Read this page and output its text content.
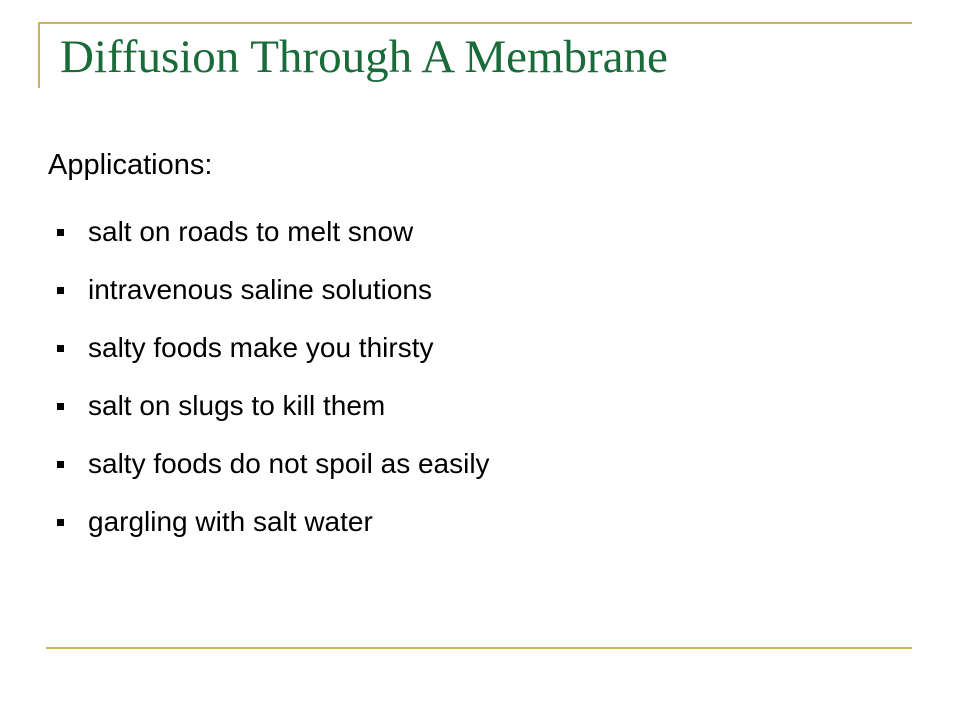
Diffusion Through A Membrane

Applications:

salt on roads to melt snow
intravenous saline solutions
salty foods make you thirsty
salt on slugs to kill them
salty foods do not spoil as easily
gargling with salt water
